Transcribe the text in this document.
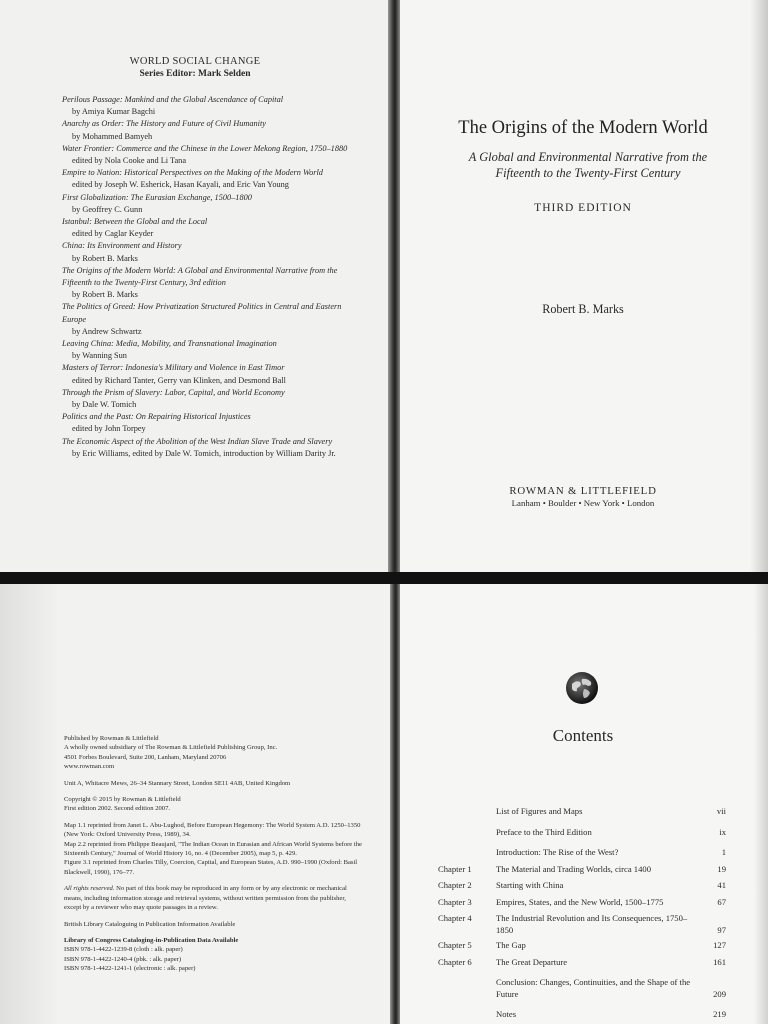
WORLD SOCIAL CHANGE
Series Editor: Mark Selden
Perilous Passage: Mankind and the Global Ascendance of Capital
by Amiya Kumar Bagchi
Anarchy as Order: The History and Future of Civil Humanity
by Mohammed Bamyeh
Water Frontier: Commerce and the Chinese in the Lower Mekong Region, 1750–1880
edited by Nola Cooke and Li Tana
Empire to Nation: Historical Perspectives on the Making of the Modern World
edited by Joseph W. Esherick, Hasan Kayali, and Eric Van Young
First Globalization: The Eurasian Exchange, 1500–1800
by Geoffrey C. Gunn
Istanbul: Between the Global and the Local
edited by Caglar Keyder
China: Its Environment and History
by Robert B. Marks
The Origins of the Modern World: A Global and Environmental Narrative from the Fifteenth to the Twenty-First Century, 3rd edition
by Robert B. Marks
The Politics of Greed: How Privatization Structured Politics in Central and Eastern Europe
by Andrew Schwartz
Leaving China: Media, Mobility, and Transnational Imagination
by Wanning Sun
Masters of Terror: Indonesia's Military and Violence in East Timor
edited by Richard Tanter, Gerry van Klinken, and Desmond Ball
Through the Prism of Slavery: Labor, Capital, and World Economy
by Dale W. Tomich
Politics and the Past: On Repairing Historical Injustices
edited by John Torpey
The Economic Aspect of the Abolition of the West Indian Slave Trade and Slavery
by Eric Williams, edited by Dale W. Tomich, introduction by William Darity Jr.
The Origins of the Modern World
A Global and Environmental Narrative from the Fifteenth to the Twenty-First Century
THIRD EDITION
Robert B. Marks
ROWMAN & LITTLEFIELD
Lanham • Boulder • New York • London

Published by Rowman & Littlefield
A wholly owned subsidiary of The Rowman & Littlefield Publishing Group, Inc.
4501 Forbes Boulevard, Suite 200, Lanham, Maryland 20706
www.rowman.com

Unit A, Whitacre Mews, 26–34 Stannary Street, London SE11 4AB, United Kingdom

Copyright © 2015 by Rowman & Littlefield
First edition 2002. Second edition 2007.

Map 1.1 reprinted from Janet L. Abu-Lughod, Before European Hegemony: The World System A.D. 1250–1350 (New York: Oxford University Press, 1989), 34.
Map 2.2 reprinted from Philippe Beaujard, "The Indian Ocean in Eurasian and African World Systems before the Sixteenth Century," Journal of World History 16, no. 4 (December 2005), map 5, p. 429.
Figure 3.1 reprinted from Charles Tilly, Coercion, Capital, and European States, A.D. 990–1990 (Oxford: Basil Blackwell, 1990), 176–77.

All rights reserved. No part of this book may be reproduced in any form or by any electronic or mechanical means, including information storage and retrieval systems, without written permission from the publisher, except by a reviewer who may quote passages in a review.

British Library Cataloguing in Publication Information Available

Library of Congress Cataloging-in-Publication Data Available
ISBN 978-1-4422-1239-8 (cloth : alk. paper)
ISBN 978-1-4422-1240-4 (pbk. : alk. paper)
ISBN 978-1-4422-1241-1 (electronic : alk. paper)

Contents
List of Figures and Maps	vii
Preface to the Third Edition	ix
Introduction: The Rise of the West?	1
Chapter 1	The Material and Trading Worlds, circa 1400	19
Chapter 2	Starting with China	41
Chapter 3	Empires, States, and the New World, 1500–1775	67
Chapter 4	The Industrial Revolution and Its Consequences, 1750–1850	97
Chapter 5	The Gap	127
Chapter 6	The Great Departure	161
Conclusion: Changes, Continuities, and the Shape of the Future	209
Notes	219
